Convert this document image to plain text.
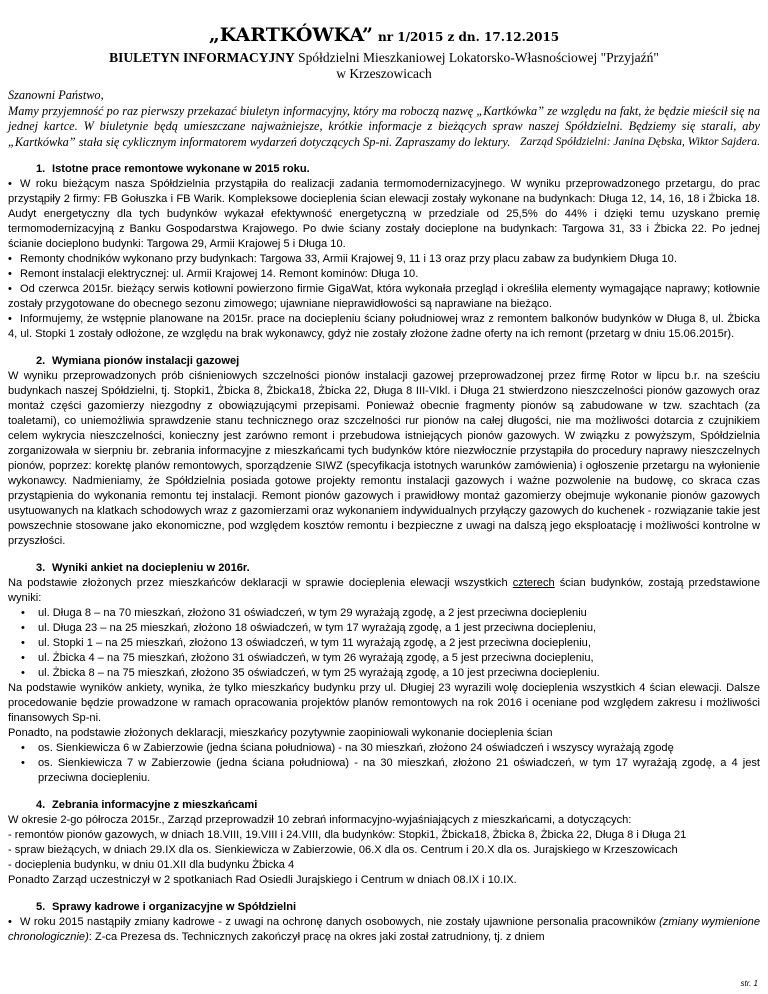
„KARTKÓWKA” nr 1/2015 z dn. 17.12.2015
BIULETYN INFORMACYJNY Spółdzielni Mieszkaniowej Lokatorsko-Własnościowej "Przyjaźń"
w Krzeszowicach

Szanowni Państwo,

Mamy przyjemność po raz pierwszy przekazać biuletyn informacyjny, który ma roboczą nazwę „Kartkówka” ze względu na fakt, że będzie mieścił się na jednej kartce. W biuletynie będą umieszczane najważniejsze, krótkie informacje z bieżących spraw naszej Spółdzielni. Będziemy się starali, aby „Kartkówka” stała się cyklicznym informatorem wydarzeń dotyczących Sp-ni. Zapraszamy do lektury. Zarząd Spółdzielni: Janina Dębska, Wiktor Sajdera.

1. Istotne prace remontowe wykonane w 2015 roku.
• W roku bieżącym nasza Spółdzielnia przystąpiła do realizacji zadania termomodernizacyjnego. W wyniku przeprowadzonego przetargu, do prac przystąpiły 2 firmy: FB Gołuszka i FB Warik. Kompleksowe docieplenia ścian elewacji zostały wykonane na budynkach: Długa 12, 14, 16, 18 i Żbicka 18. Audyt energetyczny dla tych budynków wykazał efektywność energetyczną w przedziale od 25,5% do 44% i dzięki temu uzyskano premię termomodernizacyjną z Banku Gospodarstwa Krajowego. Po dwie ściany zostały docieplone na budynkach: Targowa 31, 33 i Żbicka 22. Po jednej ścianie docieplono budynki: Targowa 29, Armii Krajowej 5 i Długa 10.
• Remonty chodników wykonano przy budynkach: Targowa 33, Armii Krajowej 9, 11 i 13 oraz przy placu zabaw za budynkiem Długa 10.
• Remont instalacji elektrycznej: ul. Armii Krajowej 14. Remont kominów: Długa 10.
• Od czerwca 2015r. bieżący serwis kotłowni powierzono firmie GigaWat, która wykonała przegląd i określiła elementy wymagające naprawy; kotłownie zostały przygotowane do obecnego sezonu zimowego; ujawniane nieprawidłowości są naprawiane na bieżąco.
• Informujemy, że wstępnie planowane na 2015r. prace na dociepleniu ściany południowej wraz z remontem balkonów budynków w Długa 8, ul. Żbicka 4, ul. Stopki 1 zostały odłożone, ze względu na brak wykonawcy, gdyż nie zostały złożone żadne oferty na ich remont (przetarg w dniu 15.06.2015r).
2. Wymiana pionów instalacji gazowej

W wyniku przeprowadzonych prób ciśnieniowych szczelności pionów instalacji gazowej przeprowadzonej przez firmę Rotor w lipcu b.r. na sześciu budynkach naszej Spółdzielni, tj. Stopki1, Żbicka 8, Żbicka18, Żbicka 22, Długa 8 III-VIkl. i Długa 21 stwierdzono nieszczelności pionów gazowych oraz montaż części gazomierzy niezgodny z obowiązującymi przepisami. Ponieważ obecnie fragmenty pionów są zabudowane w tzw. szachtach (za toaletami), co uniemożliwia sprawdzenie stanu technicznego oraz szczelności rur pionów na całej długości, nie ma możliwości dotarcia z czujnikiem celem wykrycia nieszczelności, konieczny jest zarówno remont i przebudowa istniejących pionów gazowych. W związku z powyższym, Spółdzielnia zorganizowała w sierpniu br. zebrania informacyjne z mieszkańcami tych budynków które niezwłocznie przystąpiła do procedury naprawy nieszczelnych pionów, poprzez: korektę planów remontowych, sporządzenie SIWZ (specyfikacja istotnych warunków zamówienia) i ogłoszenie przetargu na wyłonienie wykonawcy. Nadmieniamy, że Spółdzielnia posiada gotowe projekty remontu instalacji gazowych i ważne pozwolenie na budowę, co skraca czas przystąpienia do wykonania remontu tej instalacji. Remont pionów gazowych i prawidłowy montaż gazomierzy obejmuje wykonanie pionów gazowych usytuowanych na klatkach schodowych wraz z gazomierzami oraz wykonaniem indywidualnych przyłączy gazowych do kuchenek - rozwiązanie takie jest powszechnie stosowane jako ekonomiczne, pod względem kosztów remontu i bezpieczne z uwagi na dalszą jego eksploatację i możliwości kontrolne w przyszłości.

3. Wyniki ankiet na dociepleniu w 2016r.

Na podstawie złożonych przez mieszkańców deklaracji w sprawie docieplenia elewacji wszystkich czterech ścian budynków, zostają przedstawione wyniki:

• ul. Długa 8 – na 70 mieszkań, złożono 31 oświadczeń, w tym 29 wyrażają zgodę, a 2 jest przeciwna dociepleniu
• ul. Długa 23 – na 25 mieszkań, złożono 18 oświadczeń, w tym 17 wyrażają zgodę, a 1 jest przeciwna dociepleniu,
• ul. Stopki 1 – na 25 mieszkań, złożono 13 oświadczeń, w tym 11 wyrażają zgodę, a 2 jest przeciwna dociepleniu,
• ul. Żbicka 4 – na 75 mieszkań, złożono 31 oświadczeń, w tym 26 wyrażają zgodę, a 5 jest przeciwna dociepleniu,
• ul. Żbicka 8 – na 75 mieszkań, złożono 35 oświadczeń, w tym 25 wyrażają zgodę, a 10 jest przeciwna dociepleniu.

Na podstawie wyników ankiety, wynika, że tylko mieszkańcy budynku przy ul. Długiej 23 wyrazili wolę docieplenia wszystkich 4 ścian elewacji. Dalsze procedowanie będzie prowadzone w ramach opracowania projektów planów remontowych na rok 2016 i oceniane pod względem zakresu i możliwości finansowych Sp-ni.

Ponadto, na podstawie złożonych deklaracji, mieszkańcy pozytywnie zaopiniowali wykonanie docieplenia ścian

• os. Sienkiewicza 6 w Zabierzowie (jedna ściana południowa) - na 30 mieszkań, złożono 24 oświadczeń i wszyscy wyrażają zgodę
• os. Sienkiewicza 7 w Zabierzowie (jedna ściana południowa) - na 30 mieszkań, złożono 21 oświadczeń, w tym 17 wyrażają zgodę, a 4 jest przeciwna dociepleniu.
4. Zebrania informacyjne z mieszkańcami

W okresie 2-go półrocza 2015r., Zarząd przeprowadził 10 zebrań informacyjno-wyjaśniających z mieszkańcami, a dotyczących:

- remontów pionów gazowych, w dniach 18.VIII, 19.VIII i 24.VIII, dla budynków: Stopki1, Żbicka18, Żbicka 8, Żbicka 22, Długa 8 i Długa 21

- spraw bieżących, w dniach 29.IX dla os. Sienkiewicza w Zabierzowie, 06.X dla os. Centrum i 20.X dla os. Jurajskiego w Krzeszowicach

- docieplenia budynku, w dniu 01.XII dla budynku Żbicka 4

Ponadto Zarząd uczestniczył w 2 spotkaniach Rad Osiedli Jurajskiego i Centrum w dniach 08.IX i 10.IX.

5. Sprawy kadrowe i organizacyjne w Spółdzielni
• W roku 2015 nastąpiły zmiany kadrowe - z uwagi na ochronę danych osobowych, nie zostały ujawnione personalia pracowników (zmiany wymienione chronologicznie): Z-ca Prezesa ds. Technicznych zakończył pracę na okres jaki został zatrudniony, tj. z dniem
str. 1
